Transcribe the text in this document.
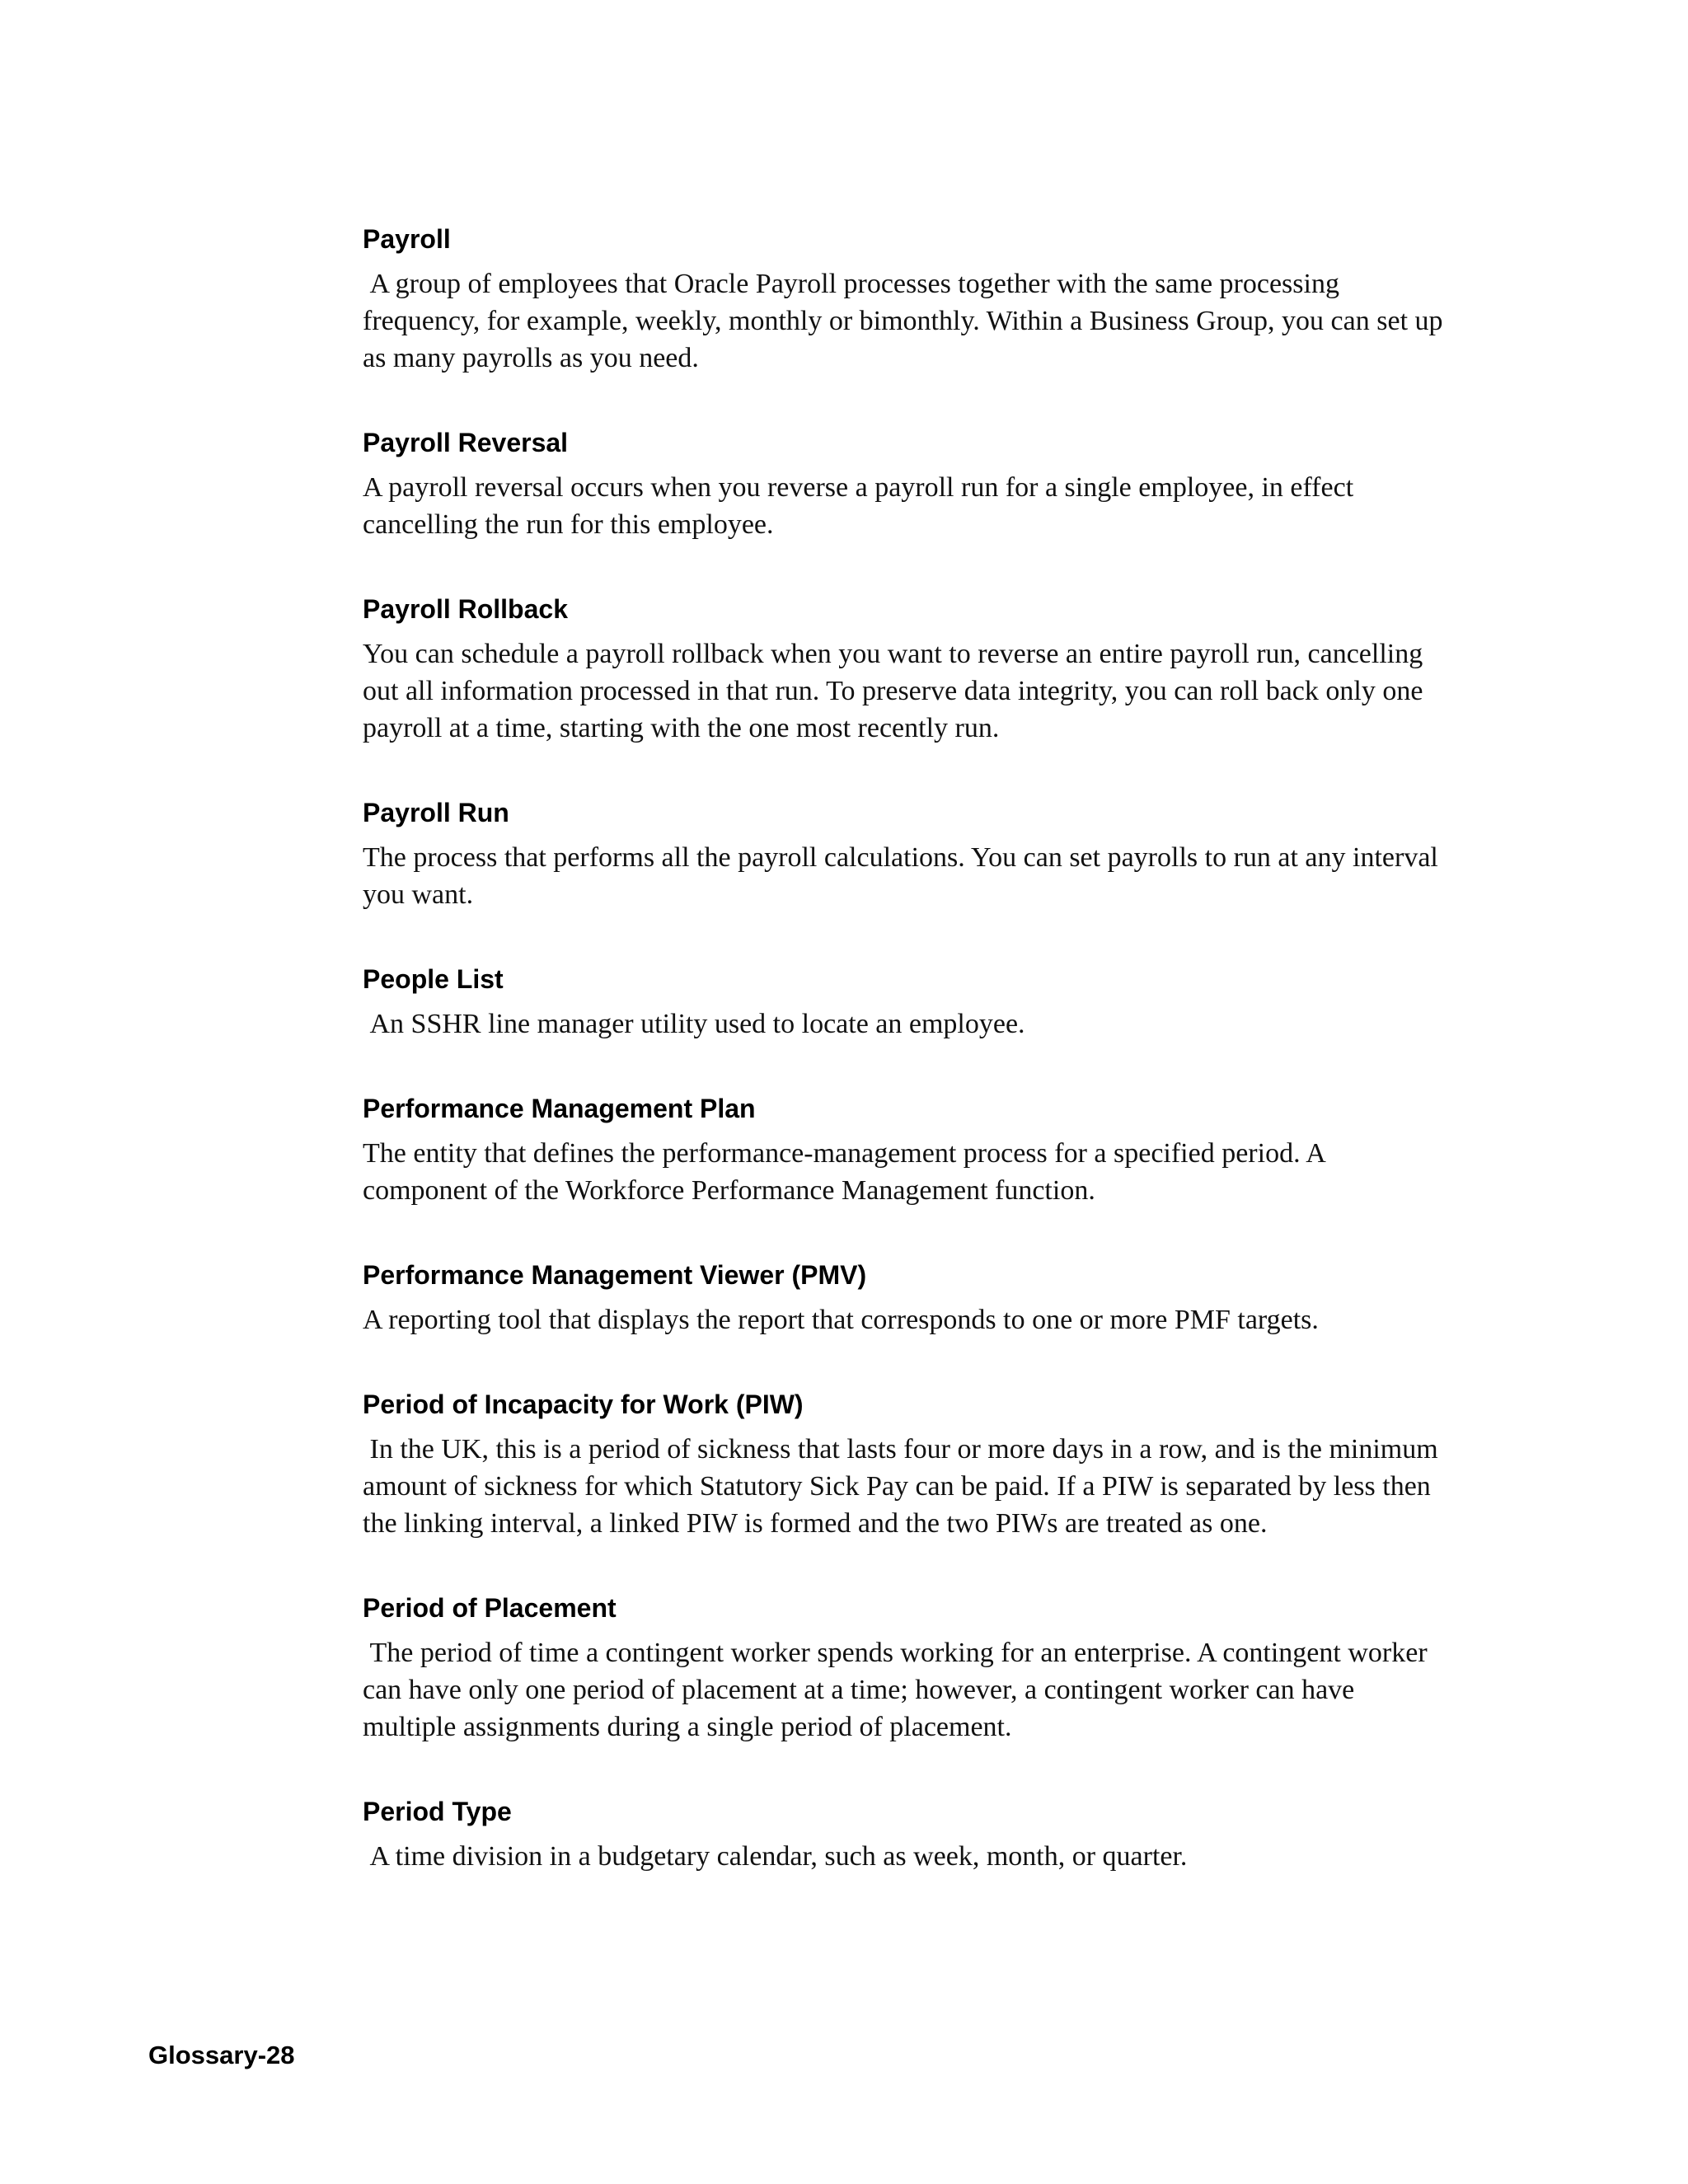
Payroll

A group of employees that Oracle Payroll processes together with the same processing frequency, for example, weekly, monthly or bimonthly. Within a Business Group, you can set up as many payrolls as you need.

Payroll Reversal

A payroll reversal occurs when you reverse a payroll run for a single employee, in effect cancelling the run for this employee.

Payroll Rollback

You can schedule a payroll rollback when you want to reverse an entire payroll run, cancelling out all information processed in that run. To preserve data integrity, you can roll back only one payroll at a time, starting with the one most recently run.

Payroll Run

The process that performs all the payroll calculations. You can set payrolls to run at any interval you want.

People List

An SSHR line manager utility used to locate an employee.

Performance Management Plan

The entity that defines the performance-management process for a specified period. A component of the Workforce Performance Management function.

Performance Management Viewer (PMV)

A reporting tool that displays the report that corresponds to one or more PMF targets.

Period of Incapacity for Work (PIW)

In the UK, this is a period of sickness that lasts four or more days in a row, and is the minimum amount of sickness for which Statutory Sick Pay can be paid. If a PIW is separated by less then the linking interval, a linked PIW is formed and the two PIWs are treated as one.

Period of Placement

The period of time a contingent worker spends working for an enterprise. A contingent worker can have only one period of placement at a time; however, a contingent worker can have multiple assignments during a single period of placement.

Period Type

A time division in a budgetary calendar, such as week, month, or quarter.

Glossary-28
